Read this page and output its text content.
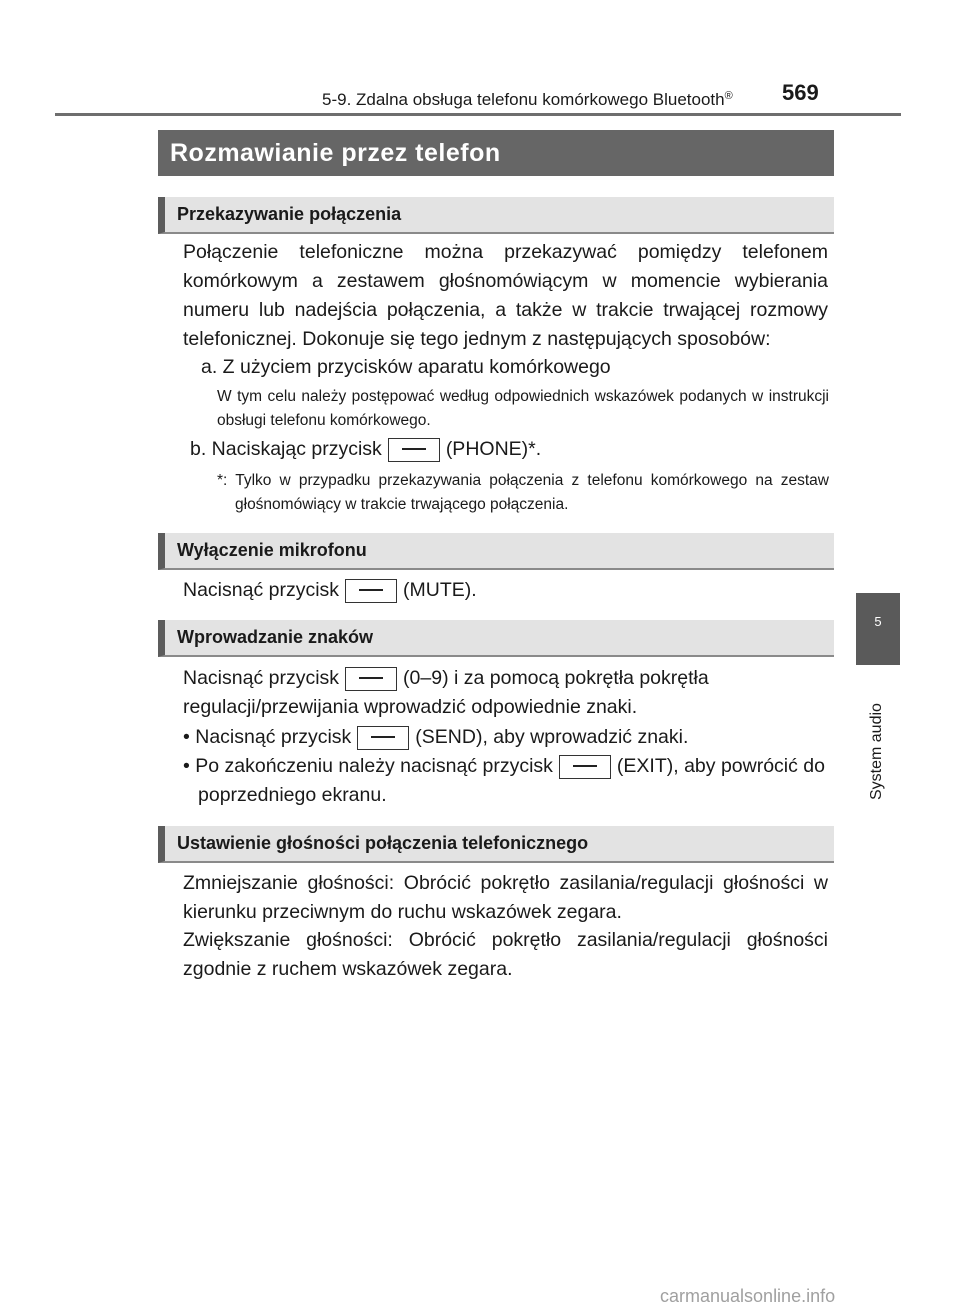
5-9. Zdalna obsługa telefonu komórkowego Bluetooth®	569
Rozmawianie przez telefon
Przekazywanie połączenia
Połączenie telefoniczne można przekazywać pomiędzy telefonem komórkowym a zestawem głośnomówiącym w momencie wybierania numeru lub nadejścia połączenia, a także w trakcie trwającej rozmowy telefonicznej. Dokonuje się tego jednym z następujących sposobów:
a. Z użyciem przycisków aparatu komórkowego
W tym celu należy postępować według odpowiednich wskazówek podanych w instrukcji obsługi telefonu komórkowego.
b. Naciskając przycisk	(PHONE)*.
*: Tylko w przypadku przekazywania połączenia z telefonu komórkowego na zestaw głośnomówiący w trakcie trwającego połączenia.
Wyłączenie mikrofonu
Nacisnąć przycisk	(MUTE).
Wprowadzanie znaków
Nacisnąć przycisk	(0–9) i za pomocą pokrętła pokrętła regulacji/przewijania wprowadzić odpowiednie znaki.
• Nacisnąć przycisk	(SEND), aby wprowadzić znaki.
• Po zakończeniu należy nacisnąć przycisk	(EXIT), aby powrócić do poprzedniego ekranu.
Ustawienie głośności połączenia telefonicznego
Zmniejszanie głośności: Obrócić pokrętło zasilania/regulacji głośności w kierunku przeciwnym do ruchu wskazówek zegara.
Zwiększanie głośności: Obrócić pokrętło zasilania/regulacji głośności zgodnie z ruchem wskazówek zegara.
5
System audio
carmanualsonline.info
